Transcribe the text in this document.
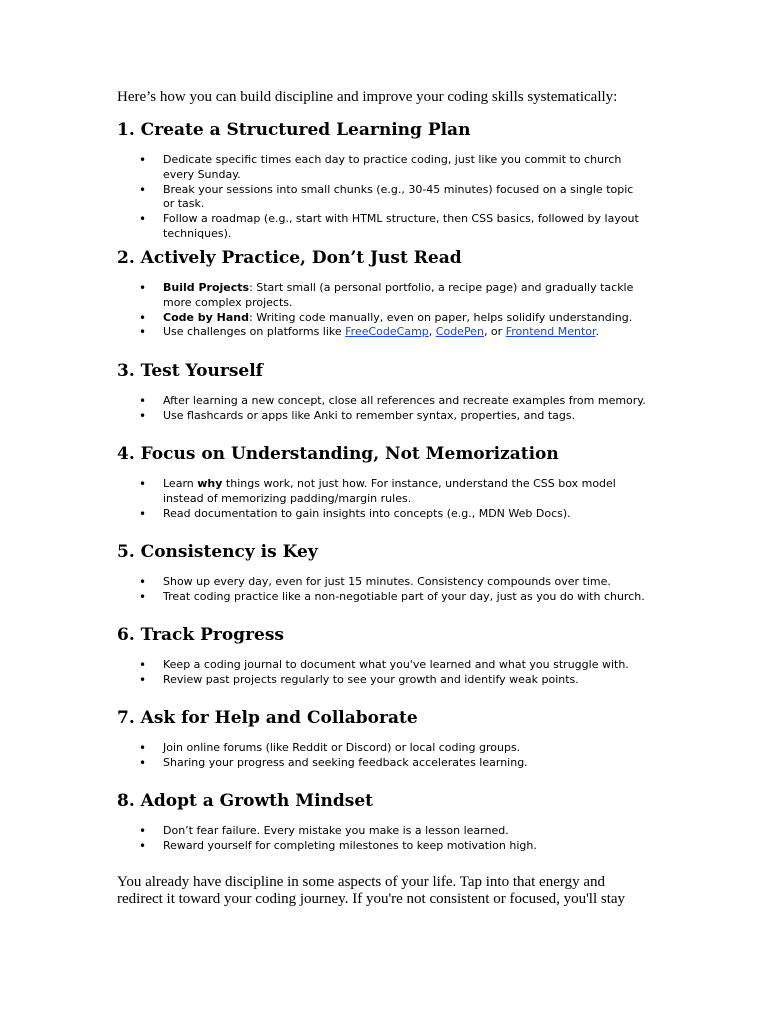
Here’s how you can build discipline and improve your coding skills systematically:

1. Create a Structured Learning Plan
• Dedicate specific times each day to practice coding, just like you commit to church every Sunday.
• Break your sessions into small chunks (e.g., 30-45 minutes) focused on a single topic or task.
• Follow a roadmap (e.g., start with HTML structure, then CSS basics, followed by layout techniques).
2. Actively Practice, Don’t Just Read
• Build Projects: Start small (a personal portfolio, a recipe page) and gradually tackle more complex projects.
• Code by Hand: Writing code manually, even on paper, helps solidify understanding.
• Use challenges on platforms like FreeCodeCamp, CodePen, or Frontend Mentor.
3. Test Yourself
• After learning a new concept, close all references and recreate examples from memory.
• Use flashcards or apps like Anki to remember syntax, properties, and tags.
4. Focus on Understanding, Not Memorization
• Learn why things work, not just how. For instance, understand the CSS box model instead of memorizing padding/margin rules.
• Read documentation to gain insights into concepts (e.g., MDN Web Docs).
5. Consistency is Key
• Show up every day, even for just 15 minutes. Consistency compounds over time.
• Treat coding practice like a non-negotiable part of your day, just as you do with church.
6. Track Progress
• Keep a coding journal to document what you've learned and what you struggle with.
• Review past projects regularly to see your growth and identify weak points.
7. Ask for Help and Collaborate
• Join online forums (like Reddit or Discord) or local coding groups.
• Sharing your progress and seeking feedback accelerates learning.
8. Adopt a Growth Mindset
• Don’t fear failure. Every mistake you make is a lesson learned.
• Reward yourself for completing milestones to keep motivation high.

You already have discipline in some aspects of your life. Tap into that energy and redirect it toward your coding journey. If you're not consistent or focused, you'll stay
